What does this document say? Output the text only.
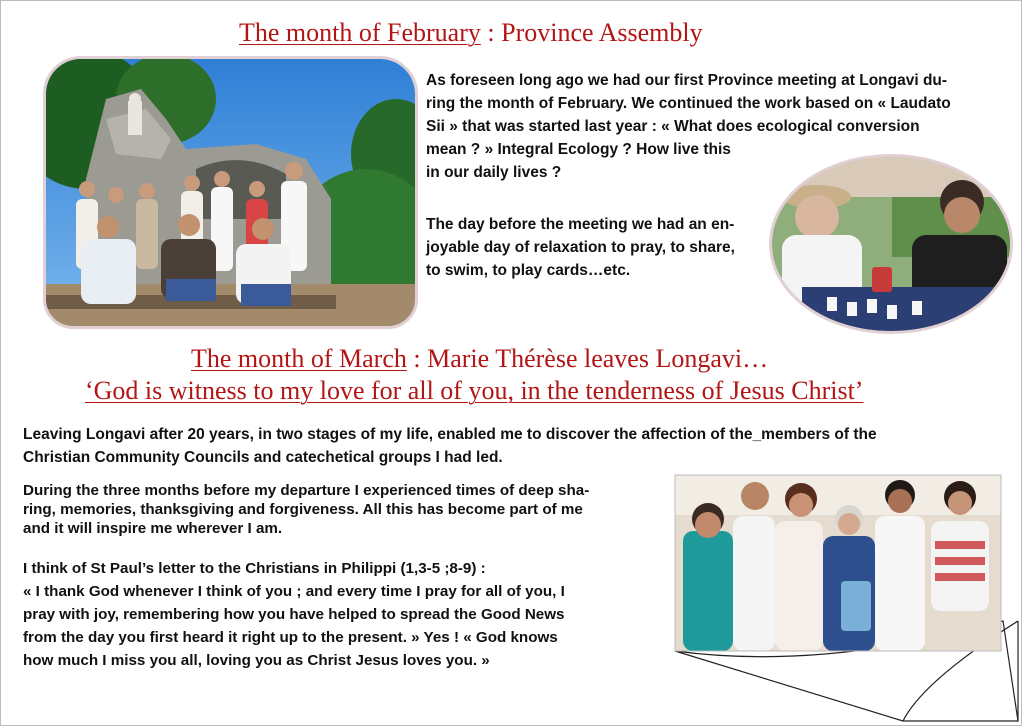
The month of February : Province Assembly
As foreseen long ago we had our first Province meeting at Longavi du-
ring the month of February. We continued the work based on « Laudato
Sii » that was started last year : « What does ecological conversion
mean ? » Integral Ecology ? How live this
in our daily lives ?
The day before the meeting we had an en-
joyable day of relaxation to pray, to share,
to swim, to play cards…etc.
The month of March : Marie Thérèse leaves Longavi…
‘God is witness to my love for all of you, in the tenderness of Jesus Christ’
Leaving Longavi after 20 years, in two stages of my life, enabled me to discover the affection of the_members of the
Christian Community Councils and catechetical groups I had led.
During the three months before my departure I experienced times of deep sha-
ring, memories, thanksgiving and forgiveness. All this has become part of me
and it will inspire me wherever I am.
I think of St Paul’s letter to the Christians in Philippi (1,3-5 ;8-9) :
« I thank God whenever I think of you ; and every time I pray for all of you, I
pray with joy, remembering how you have helped to spread the Good News
from the day you first heard it right up to the present. » Yes ! « God knows
how much I miss you all, loving you as Christ Jesus loves you. »
